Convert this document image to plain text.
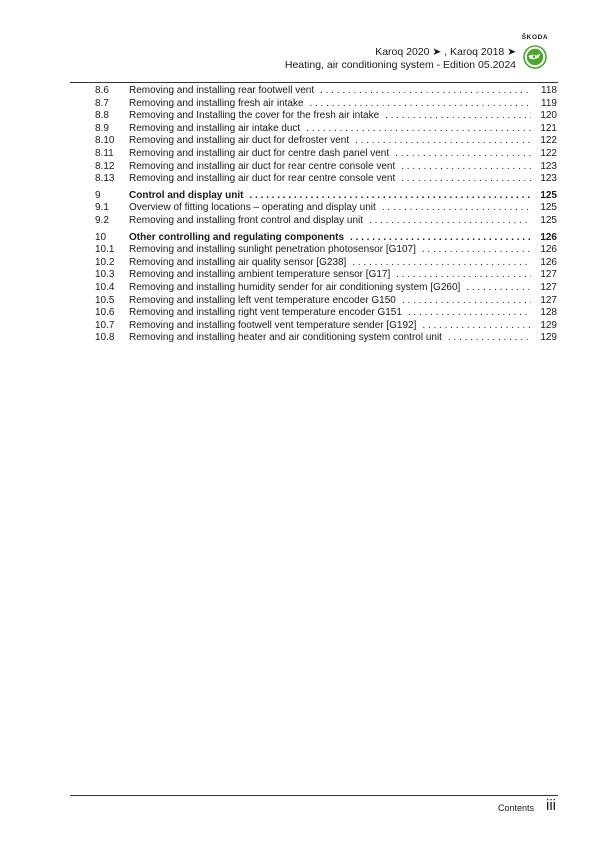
Karoq 2020 ➤ , Karoq 2018 ➤
Heating, air conditioning system - Edition 05.2024
ŠKODA
8.6	Removing and installing rear footwell vent . . .	118
8.7	Removing and installing fresh air intake . . .	119
8.8	Removing and Installing the cover for the fresh air intake . . .	120
8.9	Removing and installing air intake duct . . .	121
8.10	Removing and installing air duct for defroster vent . . .	122
8.11	Removing and installing air duct for centre dash panel vent . . .	122
8.12	Removing and installing air duct for rear centre console vent . . .	123
8.13	Removing and installing air duct for rear centre console vent . . .	123
9	Control and display unit . . .	125
9.1	Overview of fitting locations – operating and display unit . . .	125
9.2	Removing and installing front control and display unit . . .	125
10	Other controlling and regulating components . . .	126
10.1	Removing and installing sunlight penetration photosensor [G107] . . .	126
10.2	Removing and installing air quality sensor [G238] . . .	126
10.3	Removing and installing ambient temperature sensor [G17] . . .	127
10.4	Removing and installing humidity sender for air conditioning system [G260] . . .	127
10.5	Removing and installing left vent temperature encoder G150 . . .	127
10.6	Removing and installing right vent temperature encoder G151 . . .	128
10.7	Removing and installing footwell vent temperature sender [G192] . . .	129
10.8	Removing and installing heater and air conditioning system control unit . . .	129
Contents iii
